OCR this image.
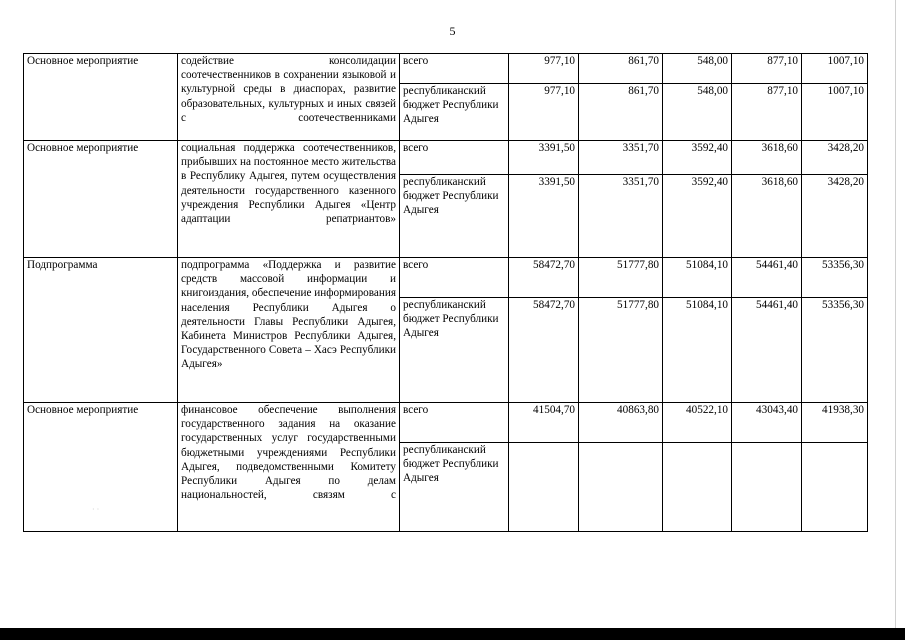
5
Основное мероприятие	содействие консолидации соотечественников в сохранении языковой и культурной среды в диаспорах, развитие образовательных, культурных и иных связей с соотечественниками	всего	977,10	861,70	548,00	877,10	1007,10
		республиканский бюджет Республики Адыгея	977,10	861,70	548,00	877,10	1007,10
Основное мероприятие	социальная поддержка соотечественников, прибывших на постоянное место жительства в Республику Адыгея, путем осуществления деятельности государственного казенного учреждения Республики Адыгея «Центр адаптации репатриантов»	всего	3391,50	3351,70	3592,40	3618,60	3428,20
		республиканский бюджет Республики Адыгея	3391,50	3351,70	3592,40	3618,60	3428,20
Подпрограмма	подпрограмма «Поддержка и развитие средств массовой информации и книгоиздания, обеспечение информирования населения Республики Адыгея о деятельности Главы Республики Адыгея, Кабинета Министров Республики Адыгея, Государственного Совета – Хасэ Республики Адыгея»	всего	58472,70	51777,80	51084,10	54461,40	53356,30
		республиканский бюджет Республики Адыгея	58472,70	51777,80	51084,10	54461,40	53356,30
Основное мероприятие	финансовое обеспечение выполнения государственного задания на оказание государственных услуг государственными бюджетными учреждениями Республики Адыгея, подведомственными Комитету Республики Адыгея по делам национальностей, связям с	всего	41504,70	40863,80	40522,10	43043,40	41938,30
		республиканский бюджет Республики Адыгея					
· ·
